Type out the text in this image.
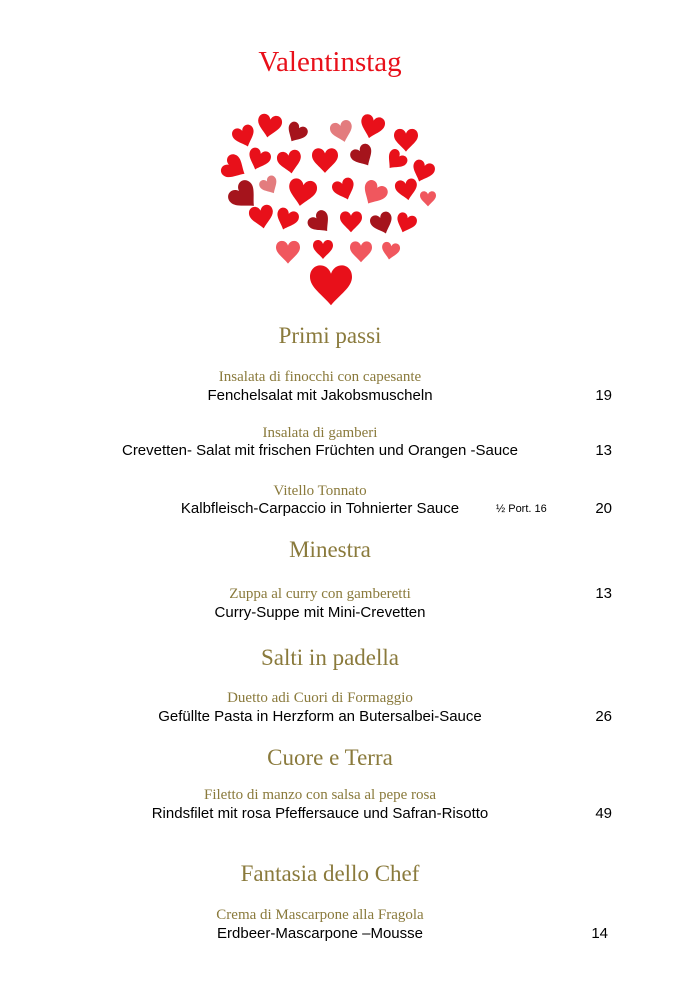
Valentinstag
Primi passi
Insalata di finocchi con capesante
Fenchelsalat mit Jakobsmuscheln	19
Insalata di gamberi
Crevetten- Salat mit frischen Früchten und Orangen -Sauce	13
Vitello Tonnato
Kalbfleisch-Carpaccio in Tohnierter Sauce	½ Port. 16	20
Minestra
Zuppa al curry con gamberetti	13
Curry-Suppe mit Mini-Crevetten
Salti in padella
Duetto adi Cuori di Formaggio
Gefüllte Pasta in Herzform an Butersalbei-Sauce	26
Cuore e Terra
Filetto di manzo con salsa al pepe rosa
Rindsfilet mit rosa Pfeffersauce und Safran-Risotto	49
Fantasia dello Chef
Crema di Mascarpone alla Fragola
Erdbeer-Mascarpone –Mousse	14
